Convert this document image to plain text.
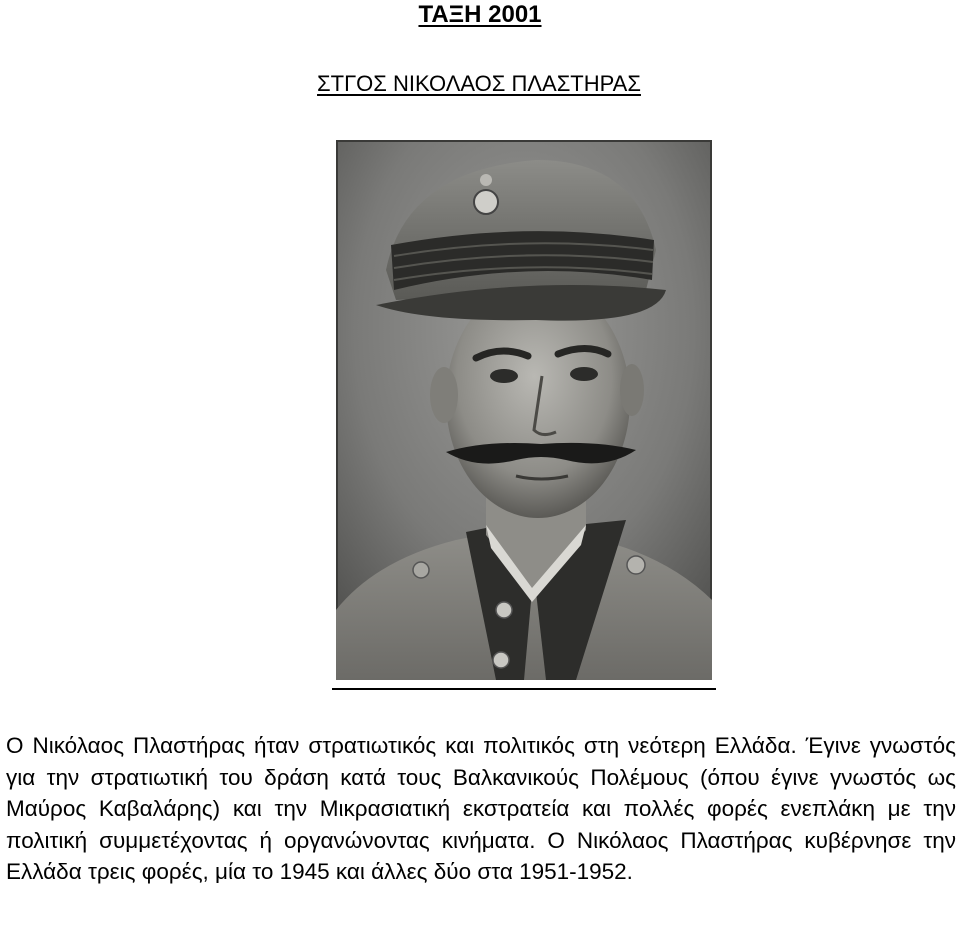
ΤΑΞΗ 2001
ΣΤΓΟΣ ΝΙΚΟΛΑΟΣ ΠΛΑΣΤΗΡΑΣ

Ο Νικόλαος Πλαστήρας ήταν στρατιωτικός και πολιτικός στη νεότερη Ελλάδα. Έγινε γνωστός για την στρατιωτική του δράση κατά τους Βαλκανικούς Πολέμους (όπου έγινε γνωστός ως Μαύρος Καβαλάρης) και την Μικρασιατική εκστρατεία και πολλές φορές ενεπλάκη με την πολιτική συμμετέχοντας ή οργανώνοντας κινήματα. Ο Νικόλαος Πλαστήρας κυβέρνησε την Ελλάδα τρεις φορές, μία το 1945 και άλλες δύο στα 1951-1952.
